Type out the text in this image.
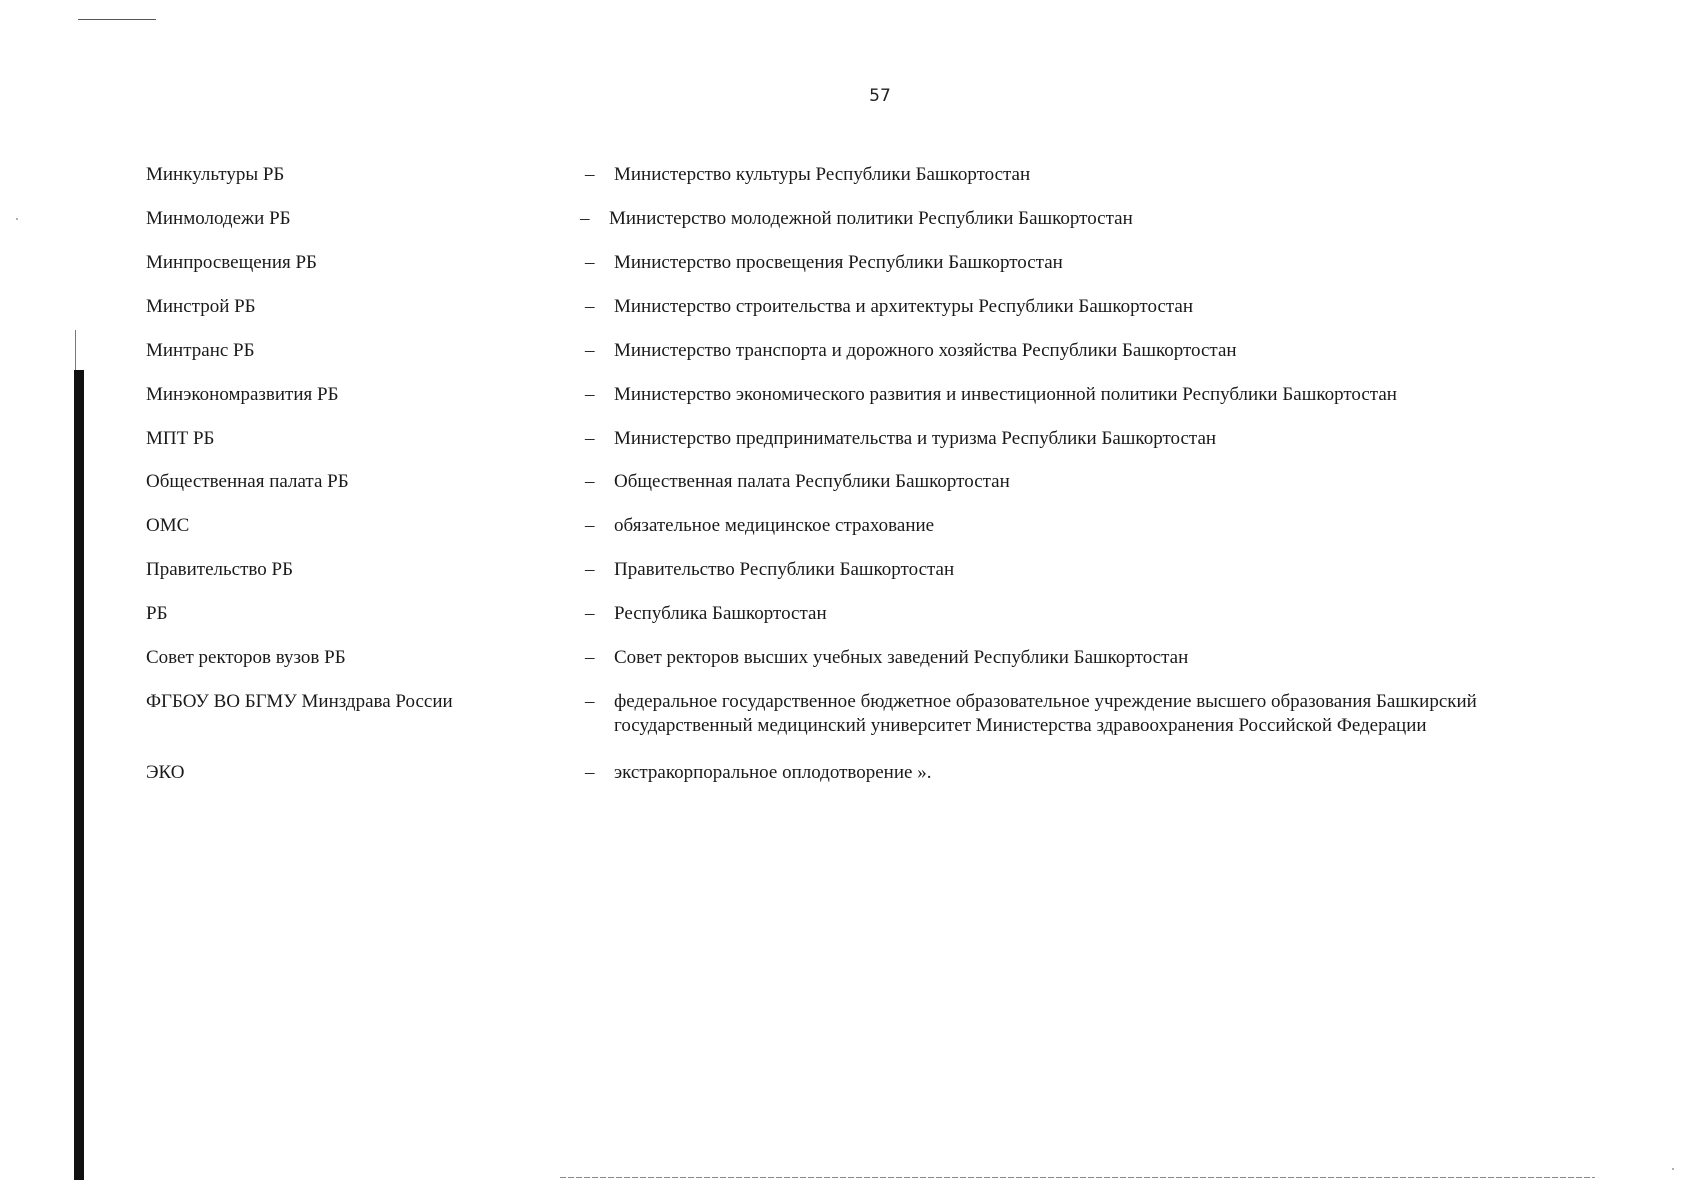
57
Минкультуры РБ	– Министерство культуры Республики Башкортостан
Минмолодежи РБ	– Министерство молодежной политики Республики Башкортостан
Минпросвещения РБ	– Министерство просвещения Республики Башкортостан
Минстрой РБ	– Министерство строительства и архитектуры Республики Башкортостан
Минтранс РБ	– Министерство транспорта и дорожного хозяйства Республики Башкортостан
Минэкономразвития РБ	– Министерство экономического развития и инвестиционной политики Республики Башкортостан
МПТ РБ	– Министерство предпринимательства и туризма Республики Башкортостан
Общественная палата РБ	– Общественная палата Республики Башкортостан
ОМС	– обязательное медицинское страхование
Правительство РБ	– Правительство Республики Башкортостан
РБ	– Республика Башкортостан
Совет ректоров вузов РБ	– Совет ректоров высших учебных заведений Республики Башкортостан
ФГБОУ ВО БГМУ Минздрава России	– федеральное государственное бюджетное образовательное учреждение высшего образования Башкирский государственный медицинский университет Министерства здравоохранения Российской Федерации
ЭКО	– экстракорпоральное оплодотворение ».
